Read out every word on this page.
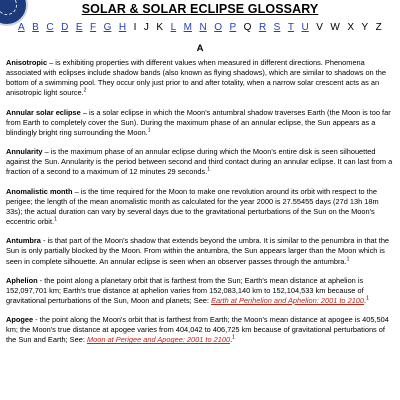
SOLAR & SOLAR ECLIPSE GLOSSARY
A B C D E F G H I J K L M N O P Q R S T U V W X Y Z
A
Anisotropic – is exhibiting properties with different values when measured in different directions. Phenomena associated with eclipses include shadow bands (also known as flying shadows), which are similar to shadows on the bottom of a swimming pool. They occur only just prior to and after totality, when a narrow solar crescent acts as an anisotropic light source.$^2$
Annular solar eclipse – is a solar eclipse in which the Moon's antumbral shadow traverses Earth (the Moon is too far from Earth to completely cover the Sun). During the maximum phase of an annular eclipse, the Sun appears as a blindingly bright ring surrounding the Moon.$^1$
Annularity – is the maximum phase of an annular eclipse during which the Moon's entire disk is seen silhouetted against the Sun. Annularity is the period between second and third contact during an annular eclipse. It can last from a fraction of a second to a maximum of 12 minutes 29 seconds.$^1$
Anomalistic month – is the time required for the Moon to make one revolution around its orbit with respect to the perigee; the length of the mean anomalistic month as calculated for the year 2000 is 27.55455 days (27d 13h 18m 33s); the actual duration can vary by several days due to the gravitational perturbations of the Sun on the Moon's eccentric orbit.$^1$
Antumbra - is that part of the Moon's shadow that extends beyond the umbra. It is similar to the penumbra in that the Sun is only partially blocked by the Moon. From within the antumbra, the Sun appears larger than the Moon which is seen in complete silhouette. An annular eclipse is seen when an observer passes through the antumbra.$^1$
Aphelion - the point along a planetary orbit that is farthest from the Sun; Earth's mean distance at aphelion is 152,097,701 km; Earth's true distance at aphelion varies from 152,083,140 km to 152,104,533 km because of gravitational perturbations of the Sun, Moon and planets; See: Earth at Perihelion and Aphelion: 2001 to 2100.$^1$
Apogee - the point along the Moon's orbit that is farthest from Earth; the Moon's mean distance at apogee is 405,504 km; the Moon's true distance at apogee varies from 404,042 to 406,725 km because of gravitational perturbations of the Sun and Earth; See: Moon at Perigee and Apogee: 2001 to 2100.$^1$
